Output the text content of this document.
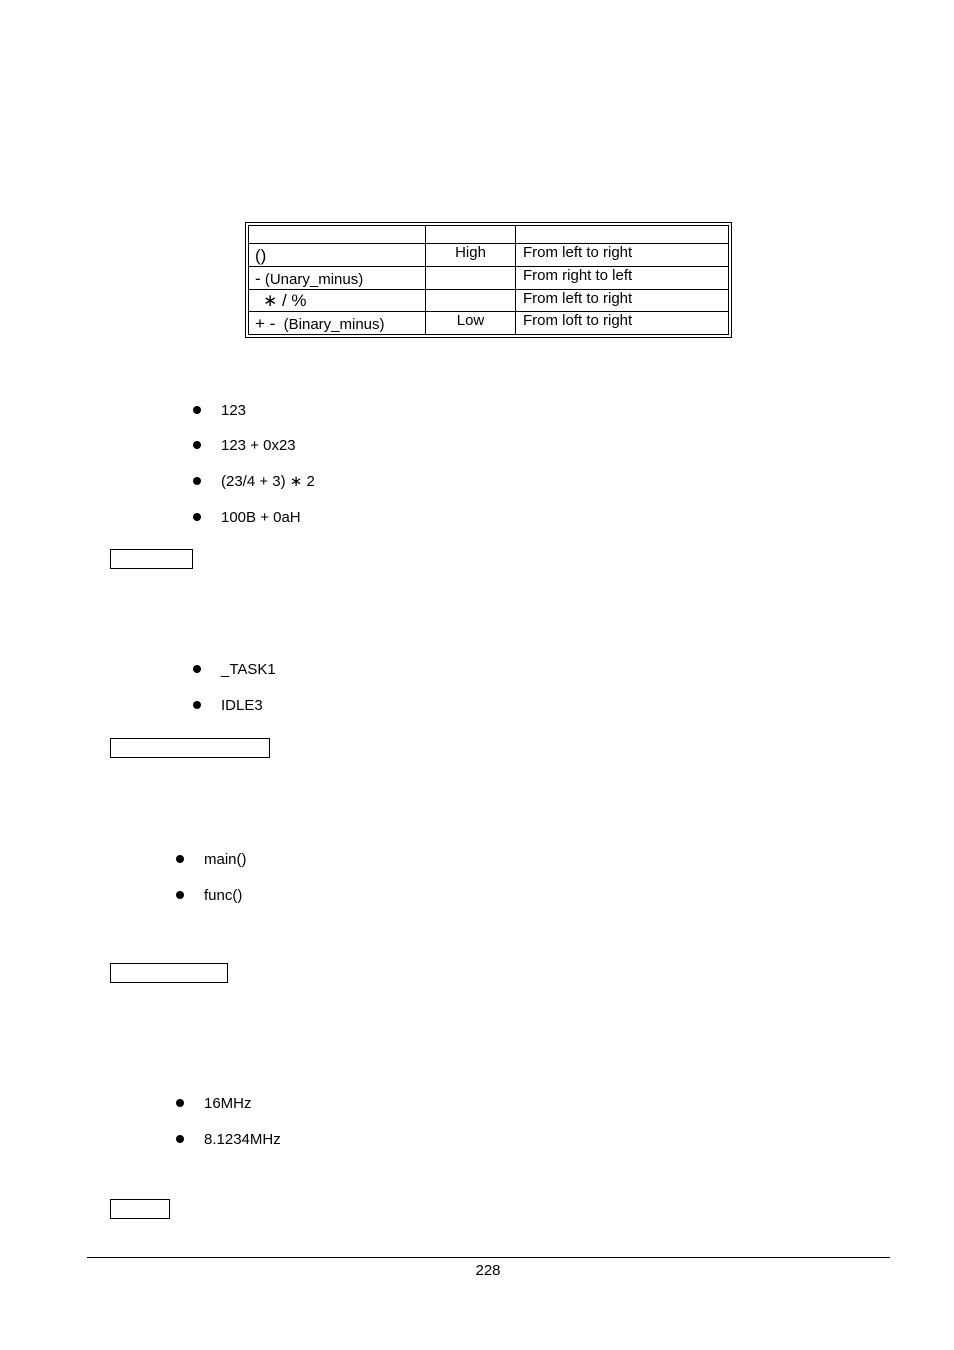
()	High	From left to right
- (Unary_minus)		From right to left
∗ / %		From left to right
+ - (Binary_minus)	Low	From loft to right
123
123 + 0x23
(23/4 + 3) ∗ 2
100B + 0aH
_TASK1
IDLE3
main()
func()
16MHz
8.1234MHz
228
